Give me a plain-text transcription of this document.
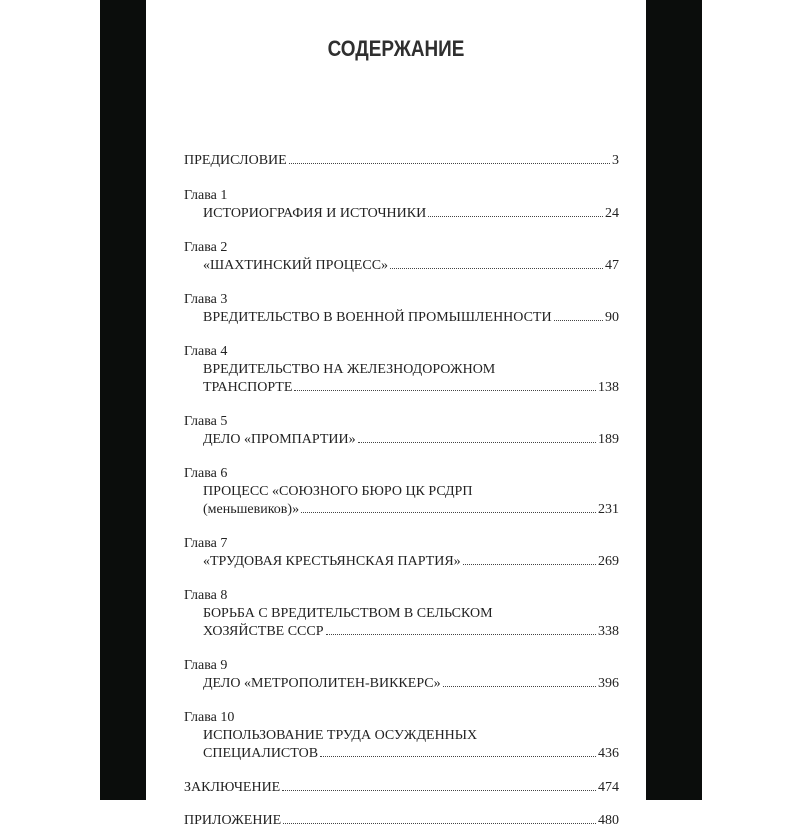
СОДЕРЖАНИЕ
ПРЕДИСЛОВИЕ	3
Глава 1
ИСТОРИОГРАФИЯ И ИСТОЧНИКИ	24
Глава 2
«ШАХТИНСКИЙ ПРОЦЕСС»	47
Глава 3
ВРЕДИТЕЛЬСТВО В ВОЕННОЙ ПРОМЫШЛЕННОСТИ	90
Глава 4
ВРЕДИТЕЛЬСТВО НА ЖЕЛЕЗНОДОРОЖНОМ
ТРАНСПОРТЕ	138
Глава 5
ДЕЛО «ПРОМПАРТИИ»	189
Глава 6
ПРОЦЕСС «СОЮЗНОГО БЮРО ЦК РСДРП
(меньшевиков)»	231
Глава 7
«ТРУДОВАЯ КРЕСТЬЯНСКАЯ ПАРТИЯ»	269
Глава 8
БОРЬБА С ВРЕДИТЕЛЬСТВОМ В СЕЛЬСКОМ
ХОЗЯЙСТВЕ СССР	338
Глава 9
ДЕЛО «МЕТРОПОЛИТЕН-ВИККЕРС»	396
Глава 10
ИСПОЛЬЗОВАНИЕ ТРУДА ОСУЖДЕННЫХ
СПЕЦИАЛИСТОВ	436
ЗАКЛЮЧЕНИЕ	474
ПРИЛОЖЕНИЕ	480
